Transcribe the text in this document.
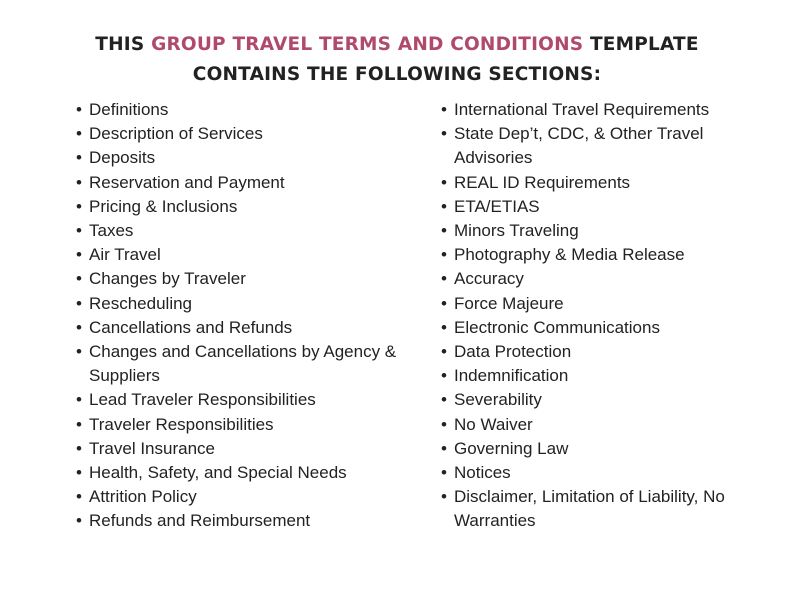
THIS GROUP TRAVEL TERMS AND CONDITIONS TEMPLATE
CONTAINS THE FOLLOWING SECTIONS:
• Definitions
• Description of Services
• Deposits
• Reservation and Payment
• Pricing & Inclusions
• Taxes
• Air Travel
• Changes by Traveler
• Rescheduling
• Cancellations and Refunds
• Changes and Cancellations by Agency & Suppliers
• Lead Traveler Responsibilities
• Traveler Responsibilities
• Travel Insurance
• Health, Safety, and Special Needs
• Attrition Policy
• Refunds and Reimbursement
• International Travel Requirements
• State Dep’t, CDC, & Other Travel Advisories
• REAL ID Requirements
• ETA/ETIAS
• Minors Traveling
• Photography & Media Release
• Accuracy
• Force Majeure
• Electronic Communications
• Data Protection
• Indemnification
• Severability
• No Waiver
• Governing Law
• Notices
• Disclaimer, Limitation of Liability, No Warranties
